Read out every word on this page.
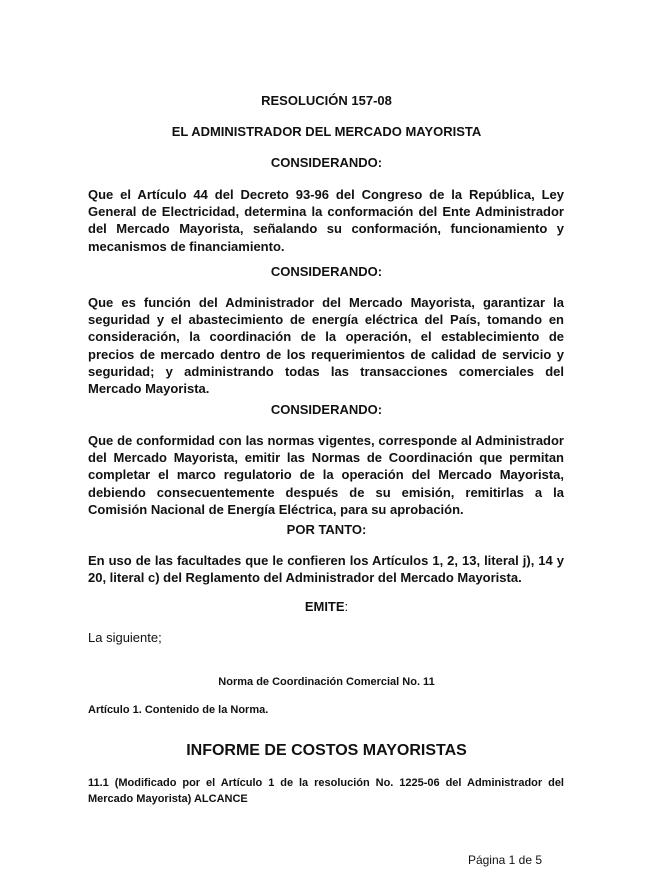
RESOLUCIÓN 157-08
EL ADMINISTRADOR DEL MERCADO MAYORISTA
CONSIDERANDO:
Que el Artículo 44 del Decreto 93-96 del Congreso de la República, Ley General de Electricidad, determina la conformación del Ente Administrador del Mercado Mayorista, señalando su conformación, funcionamiento y mecanismos de financiamiento.
CONSIDERANDO:
Que es función del Administrador del Mercado Mayorista, garantizar la seguridad y el abastecimiento de energía eléctrica del País, tomando en consideración, la coordinación de la operación, el establecimiento de precios de mercado dentro de los requerimientos de calidad de servicio y seguridad; y administrando todas las transacciones comerciales del Mercado Mayorista.
CONSIDERANDO:
Que de conformidad con las normas vigentes, corresponde al Administrador del Mercado Mayorista, emitir las Normas de Coordinación que permitan completar el marco regulatorio de la operación del Mercado Mayorista, debiendo consecuentemente después de su emisión, remitirlas a la Comisión Nacional de Energía Eléctrica, para su aprobación.
POR TANTO:
En uso de las facultades que le confieren los Artículos 1, 2, 13, literal j), 14 y 20, literal c) del Reglamento del Administrador del Mercado Mayorista.
EMITE:
La siguiente;
Norma de Coordinación Comercial No. 11
Artículo 1. Contenido de la Norma.
INFORME DE COSTOS MAYORISTAS
11.1 (Modificado por el Artículo 1 de la resolución No. 1225-06 del Administrador del Mercado Mayorista) ALCANCE
Página 1 de 5
